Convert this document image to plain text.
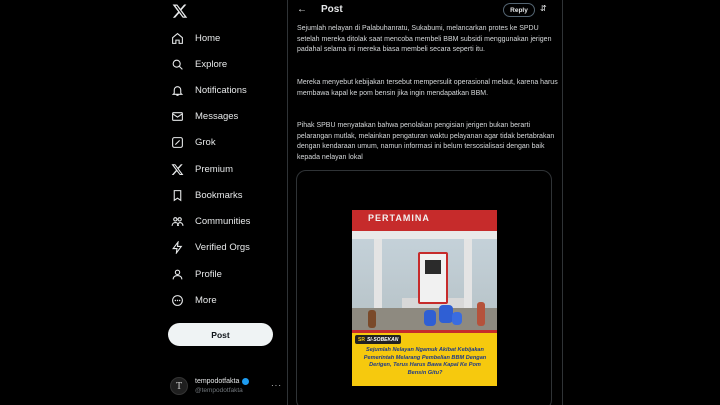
Home
Explore
Notifications
Messages
Grok
Premium
Bookmarks
Communities
Verified Orgs
Profile
More
Post
T	tempodotfakta
@tempodotfakta
···
← Post	Reply	⇵

Sejumlah nelayan di Palabuhanratu, Sukabumi, melancarkan protes ke SPDU setelah mereka ditolak saat mencoba membeli BBM subsidi menggunakan jerigen padahal selama ini mereka biasa membeli secara seperti itu.

Mereka menyebut kebijakan tersebut mempersulit operasional melaut, karena harus membawa kapal ke pom bensin jika ingin mendapatkan BBM.

Pihak SPBU menyatakan bahwa penolakan pengisian jerigen bukan berarti pelarangan mutlak, melainkan pengaturan waktu pelayanan agar tidak bertabrakan dengan kendaraan umum, namun informasi ini belum tersosialisasi dengan baik kepada nelayan lokal

PERTAMINA
SR SI-SOBEKAN
Sejumlah Nelayan Ngamuk Akibat Kebijakan Pemerintah Melarang Pembelian BBM Dengan Derigen, Terus Harus Bawa Kapal Ke Pom Bensin Gitu?
